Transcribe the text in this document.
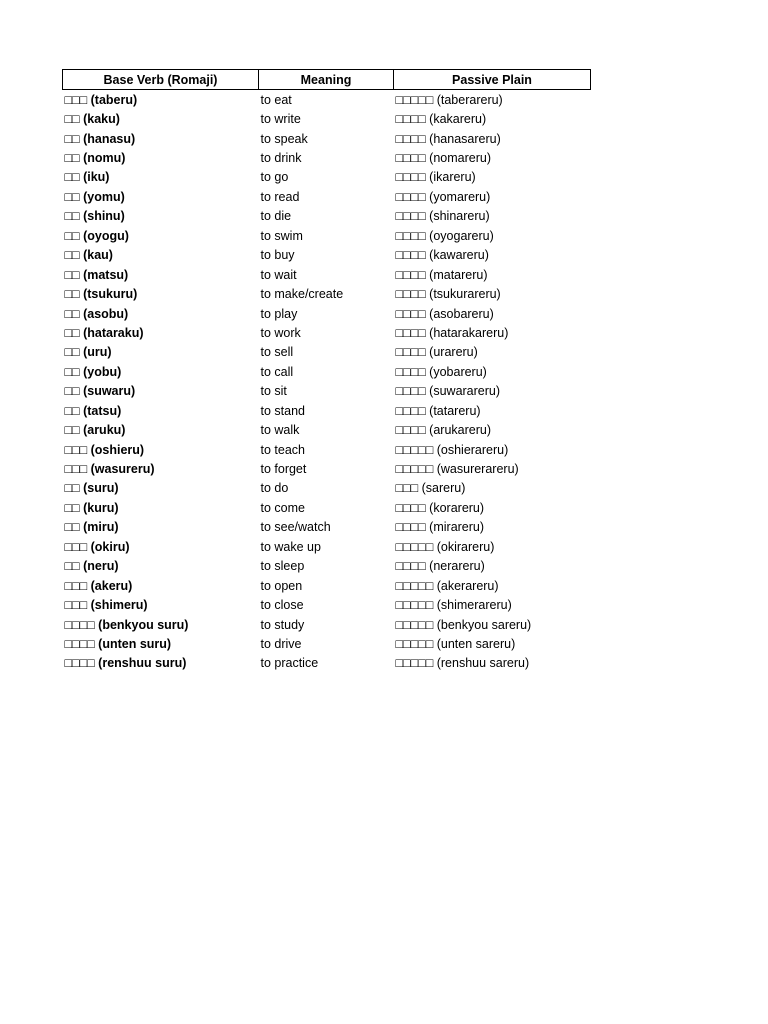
Base Verb (Romaji)	Meaning	Passive Plain
□□□ (taberu)	to eat	□□□□□ (taberareru)
□□ (kaku)	to write	□□□□ (kakareru)
□□ (hanasu)	to speak	□□□□ (hanasareru)
□□ (nomu)	to drink	□□□□ (nomareru)
□□ (iku)	to go	□□□□ (ikareru)
□□ (yomu)	to read	□□□□ (yomareru)
□□ (shinu)	to die	□□□□ (shinareru)
□□ (oyogu)	to swim	□□□□ (oyogareru)
□□ (kau)	to buy	□□□□ (kawareru)
□□ (matsu)	to wait	□□□□ (matareru)
□□ (tsukuru)	to make/create	□□□□ (tsukurareru)
□□ (asobu)	to play	□□□□ (asobareru)
□□ (hataraku)	to work	□□□□ (hatarakareru)
□□ (uru)	to sell	□□□□ (urareru)
□□ (yobu)	to call	□□□□ (yobareru)
□□ (suwaru)	to sit	□□□□ (suwarareru)
□□ (tatsu)	to stand	□□□□ (tatareru)
□□ (aruku)	to walk	□□□□ (arukareru)
□□□ (oshieru)	to teach	□□□□□ (oshierareru)
□□□ (wasureru)	to forget	□□□□□ (wasurerareru)
□□ (suru)	to do	□□□ (sareru)
□□ (kuru)	to come	□□□□ (korareru)
□□ (miru)	to see/watch	□□□□ (mirareru)
□□□ (okiru)	to wake up	□□□□□ (okirareru)
□□ (neru)	to sleep	□□□□ (nerareru)
□□□ (akeru)	to open	□□□□□ (akerareru)
□□□ (shimeru)	to close	□□□□□ (shimerareru)
□□□□ (benkyou suru)	to study	□□□□□ (benkyou sareru)
□□□□ (unten suru)	to drive	□□□□□ (unten sareru)
□□□□ (renshuu suru)	to practice	□□□□□ (renshuu sareru)
